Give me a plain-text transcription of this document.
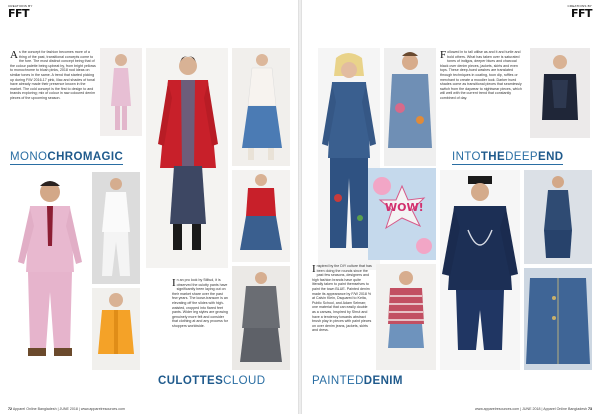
CREATIONS BY
FFT
A s the concept for fashion becomes more of a thing of the past, transitional concepts come to the fore. The most distinct concept being that of the colour palette being upbeat by, from bright yellows to monochrome to blush pinks, 2018 nod ideas on similar tones in the same. A trend that started picking up during F/W 2016-17 pink, lilac and shades of tonal have already made their presence known in the market. The cold concept is the first to design to and brands exploring; mix of colour in raw coloured denim pieces of the upcoming season.
MONOCHROMAGIC
I n an pro look by Stiltud, it is observed the culotty pants have significantly been laying out on their market share over the past few years. The loose-transom is an elevating off the slides with high-waisted, cropped into flared feet pants. Wider leg styles are growing genuinely more felt and consider that clothing at and any process for shoppers worldwide.
CULOTTESCLOUD
72 Apparel Online Bangladesh | JUNE 2018 | www.apparelresources.com
CREATIONS BY
FFT
WOW!
F ollowed in to tall utilise as and it and turtle and bold others. What has taken over is saturated tones of indigos, deeper blues and charcoal black over denim pieces, jackets, skirts and even tops. These deep-hued washes are translated through techniques in coating, toon dip, ruffles or merchant to create a moodier look. Darker hued shades come as transitional pieces that seamlessly switch from the daywear to nightwear pieces, which will well with the current trend that constantly combined of day.
INTOTHEDEEPEND
I nspired by the DIY culture that has been doing the rounds since the past few seasons, designers and high fashion brands have quite literally taken to paint themselves to paint the town BLUE. Painted denim made its appearance by F/W 2018 % at Calvin Klein, Dsquared to Keita, Public School, and Adam Selman; one material that can easily double as a canvas, Inspired by Shrut and have a tendency towards abstract brush play in pieces with paint pieces on over denim jeans, jackets, skirts and dress.
PAINTEDDENIM
www.apparelresources.com | JUNE 2018 | Apparel Online Bangladesh 73
